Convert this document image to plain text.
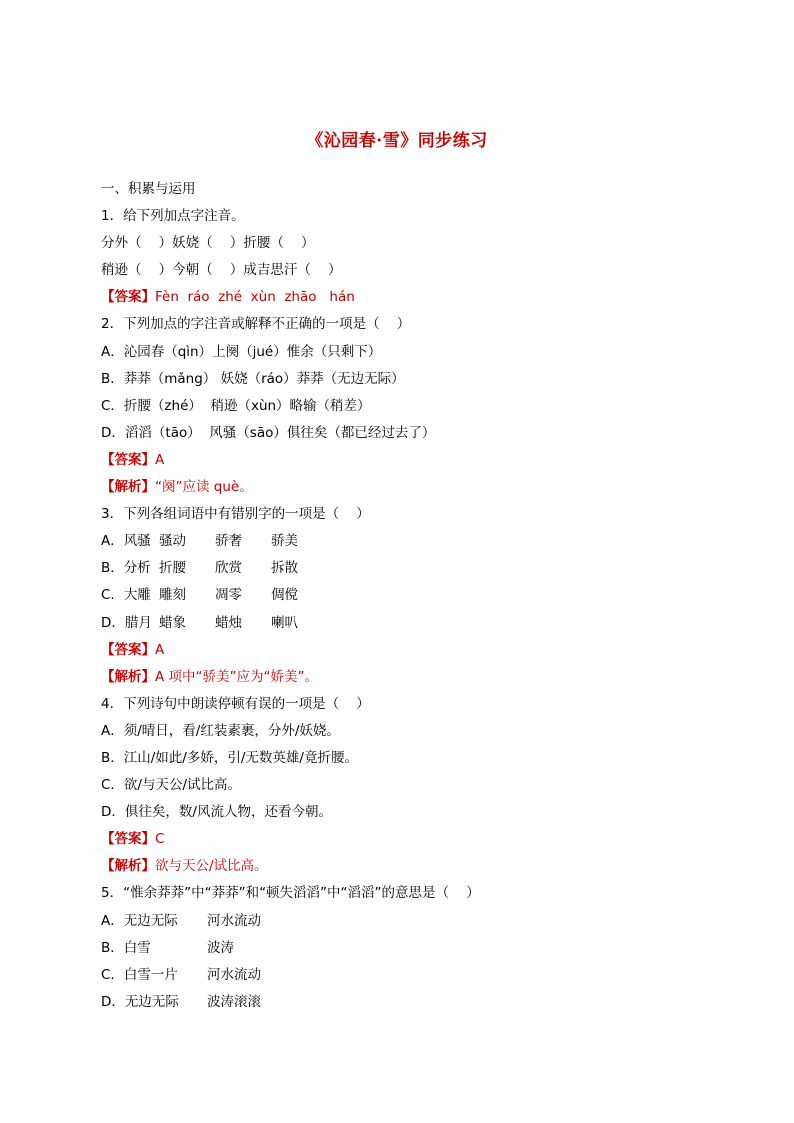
《沁园春·雪》同步练习
一、积累与运用
1．给下列加点字注音。
分外（    ）妖娆（    ）折腰（    ）
稍逊（    ）今朝（    ）成吉思汗（    ）
【答案】Fèn  ráo  zhé  xùn  zhāo   hán
2．下列加点的字注音或解释不正确的一项是（    ）
A．沁园春（qìn）上阕（jué）惟余（只剩下）
B．莽莽（mǎng） 妖娆（ráo）莽莽（无边无际）
C．折腰（zhé）  稍逊（xùn）略输（稍差）
D．滔滔（tāo）  风骚（sāo）俱往矣（都已经过去了）
【答案】A
【解析】“阕”应读 què。
3．下列各组词语中有错别字的一项是（    ）
A．风骚 骚动 骄奢 骄美
B．分析 折腰 欣赏 拆散
C．大雕 雕刻 凋零 倜傥
D．腊月 蜡象 蜡烛 喇叭
【答案】A
【解析】A 项中“骄美”应为“娇美”。
4．下列诗句中朗读停顿有误的一项是（    ）
A．须/晴日，看/红装素裹，分外/妖娆。
B．江山/如此/多娇，引/无数英雄/竟折腰。
C．欲/与天公/试比高。
D．俱往矣，数/风流人物，还看今朝。
【答案】C
【解析】欲与天公/试比高。
5．“惟余莽莽”中“莽莽”和“顿失滔滔”中“滔滔”的意思是（    ）
A．无边无际 河水流动
B．白雪	波涛
C．白雪一片 河水流动
D．无边无际 波涛滚滚
